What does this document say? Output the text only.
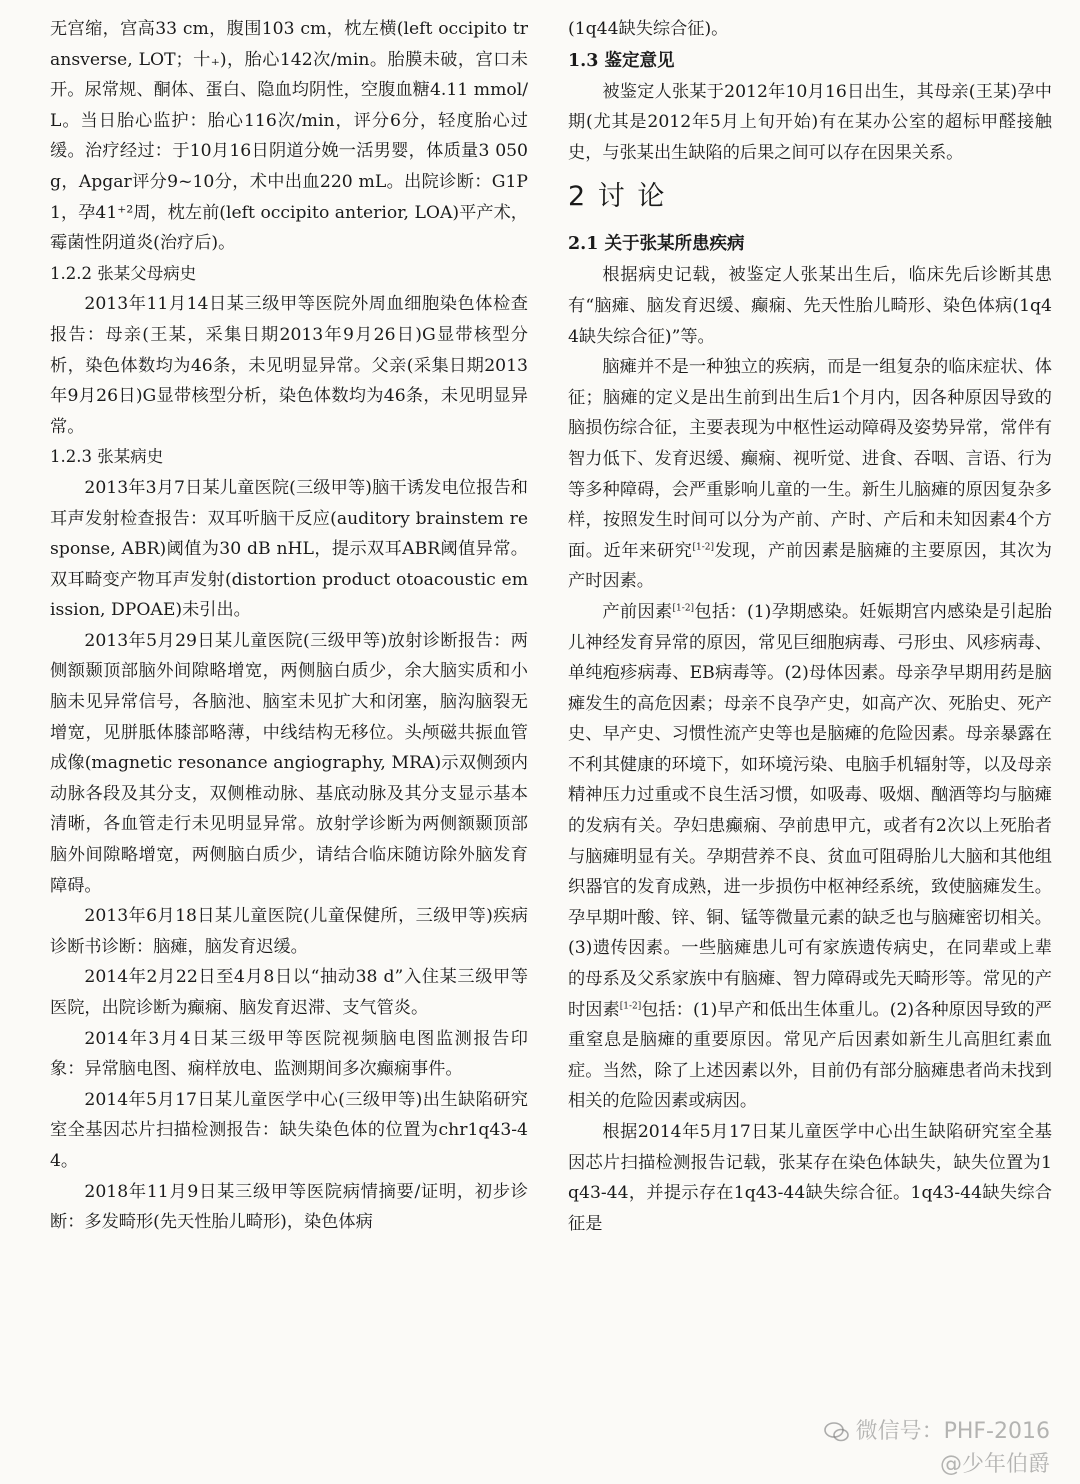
无宫缩，宫高33 cm，腹围103 cm，枕左横(left occipito transverse, LOT；十₊)，胎心142次/min。胎膜未破，宫口未开。尿常规、酮体、蛋白、隐血均阴性，空腹血糖4.11 mmol/L。当日胎心监护：胎心116次/min，评分6分，轻度胎心过缓。治疗经过：于10月16日阴道分娩一活男婴，体质量3 050 g，Apgar评分9~10分，术中出血220 mL。出院诊断：G1P1，孕41⁺²周，枕左前(left occipito anterior, LOA)平产术，霉菌性阴道炎(治疗后)。

1.2.2 张某父母病史

2013年11月14日某三级甲等医院外周血细胞染色体检查报告：母亲(王某，采集日期2013年9月26日)G显带核型分析，染色体数均为46条，未见明显异常。父亲(采集日期2013年9月26日)G显带核型分析，染色体数均为46条，未见明显异常。

1.2.3 张某病史

2013年3月7日某儿童医院(三级甲等)脑干诱发电位报告和耳声发射检查报告：双耳听脑干反应(auditory brainstem response, ABR)阈值为30 dB nHL，提示双耳ABR阈值异常。双耳畸变产物耳声发射(distortion product otoacoustic emission, DPOAE)未引出。

2013年5月29日某儿童医院(三级甲等)放射诊断报告：两侧额颞顶部脑外间隙略增宽，两侧脑白质少，余大脑实质和小脑未见异常信号，各脑池、脑室未见扩大和闭塞，脑沟脑裂无增宽，见胼胝体膝部略薄，中线结构无移位。头颅磁共振血管成像(magnetic resonance angiography, MRA)示双侧颈内动脉各段及其分支，双侧椎动脉、基底动脉及其分支显示基本清晰，各血管走行未见明显异常。放射学诊断为两侧额颞顶部脑外间隙略增宽，两侧脑白质少，请结合临床随访除外脑发育障碍。

2013年6月18日某儿童医院(儿童保健所，三级甲等)疾病诊断书诊断：脑瘫，脑发育迟缓。

2014年2月22日至4月8日以“抽动38 d”入住某三级甲等医院，出院诊断为癫痫、脑发育迟滞、支气管炎。

2014年3月4日某三级甲等医院视频脑电图监测报告印象：异常脑电图、痫样放电、监测期间多次癫痫事件。

2014年5月17日某儿童医学中心(三级甲等)出生缺陷研究室全基因芯片扫描检测报告：缺失染色体的位置为chr1q43-44。

2018年11月9日某三级甲等医院病情摘要/证明，初步诊断：多发畸形(先天性胎儿畸形)，染色体病

(1q44缺失综合征)。

1.3 鉴定意见

被鉴定人张某于2012年10月16日出生，其母亲(王某)孕中期(尤其是2012年5月上旬开始)有在某办公室的超标甲醛接触史，与张某出生缺陷的后果之间可以存在因果关系。

2 讨 论

2.1 关于张某所患疾病

根据病史记载，被鉴定人张某出生后，临床先后诊断其患有“脑瘫、脑发育迟缓、癫痫、先天性胎儿畸形、染色体病(1q44缺失综合征)”等。

脑瘫并不是一种独立的疾病，而是一组复杂的临床症状、体征；脑瘫的定义是出生前到出生后1个月内，因各种原因导致的脑损伤综合征，主要表现为中枢性运动障碍及姿势异常，常伴有智力低下、发育迟缓、癫痫、视听觉、进食、吞咽、言语、行为等多种障碍，会严重影响儿童的一生。新生儿脑瘫的原因复杂多样，按照发生时间可以分为产前、产时、产后和未知因素4个方面。近年来研究[1-2]发现，产前因素是脑瘫的主要原因，其次为产时因素。

产前因素[1-2]包括：(1)孕期感染。妊娠期宫内感染是引起胎儿神经发育异常的原因，常见巨细胞病毒、弓形虫、风疹病毒、单纯疱疹病毒、EB病毒等。(2)母体因素。母亲孕早期用药是脑瘫发生的高危因素；母亲不良孕产史，如高产次、死胎史、死产史、早产史、习惯性流产史等也是脑瘫的危险因素。母亲暴露在不利其健康的环境下，如环境污染、电脑手机辐射等，以及母亲精神压力过重或不良生活习惯，如吸毒、吸烟、酗酒等均与脑瘫的发病有关。孕妇患癫痫、孕前患甲亢，或者有2次以上死胎者与脑瘫明显有关。孕期营养不良、贫血可阻碍胎儿大脑和其他组织器官的发育成熟，进一步损伤中枢神经系统，致使脑瘫发生。孕早期叶酸、锌、铜、锰等微量元素的缺乏也与脑瘫密切相关。(3)遗传因素。一些脑瘫患儿可有家族遗传病史，在同辈或上辈的母系及父系家族中有脑瘫、智力障碍或先天畸形等。常见的产时因素[1-2]包括：(1)早产和低出生体重儿。(2)各种原因导致的严重窒息是脑瘫的重要原因。常见产后因素如新生儿高胆红素血症。当然，除了上述因素以外，目前仍有部分脑瘫患者尚未找到相关的危险因素或病因。

根据2014年5月17日某儿童医学中心出生缺陷研究室全基因芯片扫描检测报告记载，张某存在染色体缺失，缺失位置为1q43-44，并提示存在1q43-44缺失综合征。1q43-44缺失综合征是

微信号：PHF-2016
@少年伯爵
